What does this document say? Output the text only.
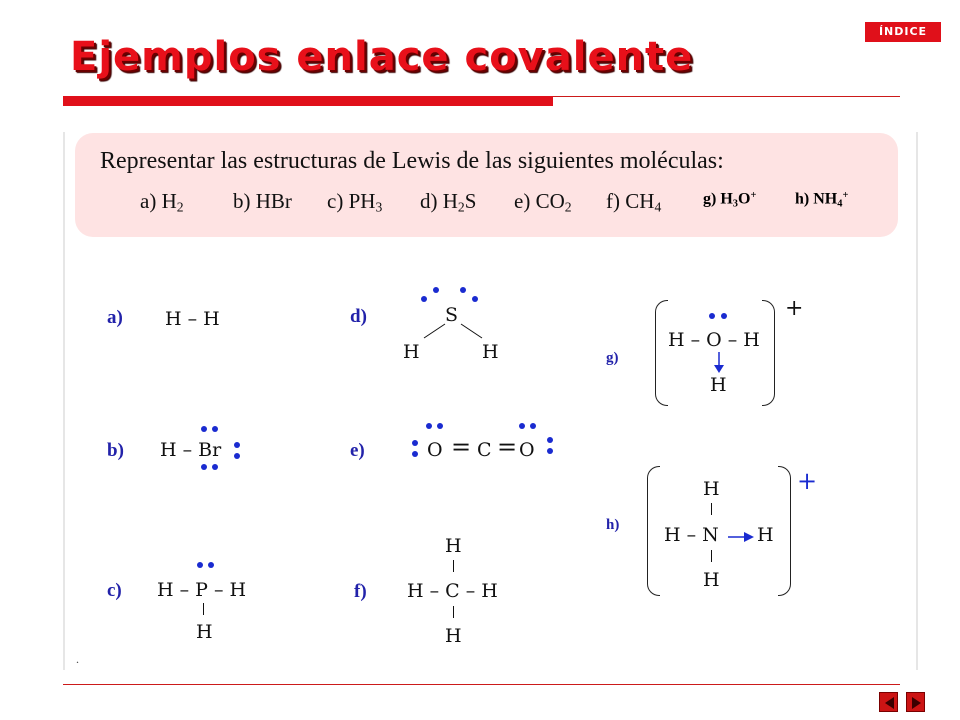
Ejemplos enlace covalente
ÍNDICE
Representar las estructuras de Lewis de las siguientes moléculas:
a) $H_2$ b) HBr c) $PH_3$ d) $H_2S$ e) $CO_2$ f) $CH_4$	g) $H_3O^+$ h) $NH_4^+$
a) H – H
b) H – Br
c) H – P – H
H
d)	S
H	H
e)	O = C = O
f)
H
H – C – H
H
g)
+
H – O – H
H
h)
+
H
H – N H
H
.
